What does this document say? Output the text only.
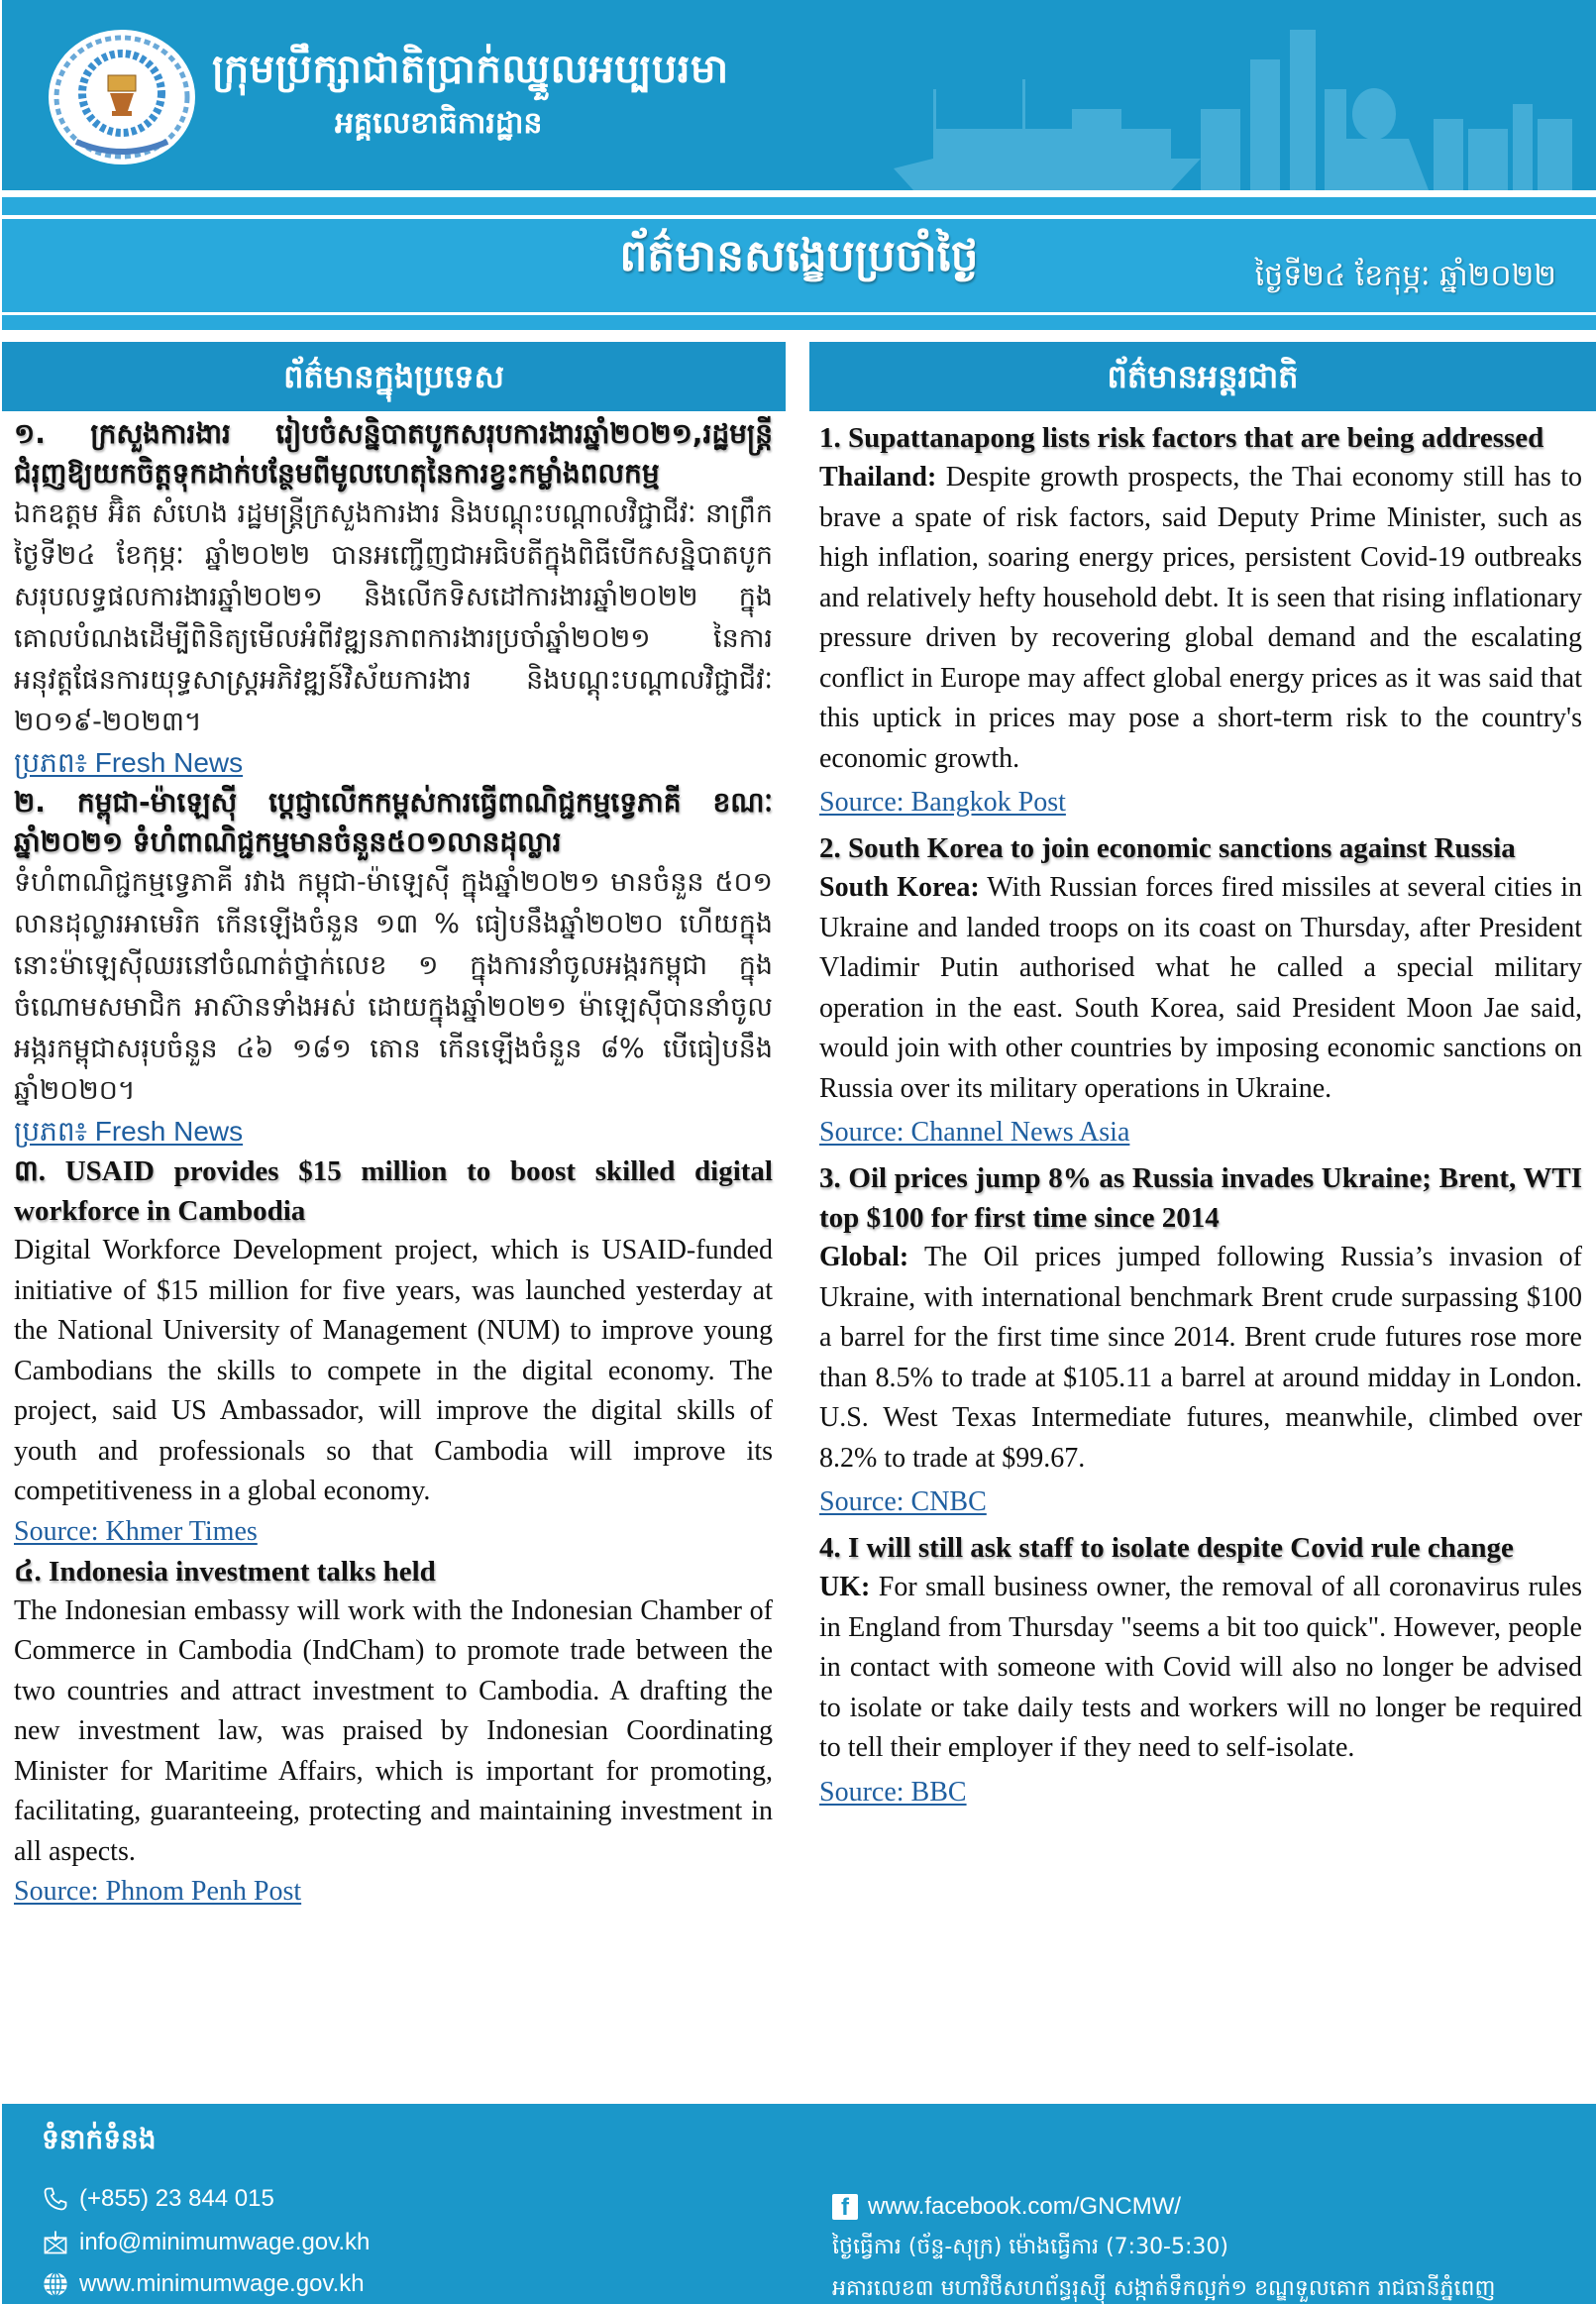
ក្រុមប្រឹក្សាជាតិប្រាក់ឈ្នួលអប្បបរមា
អគ្គលេខាធិការដ្ឋាន
ព័ត៌មានសង្ខេបប្រចាំថ្ងៃ	ថ្ងៃទី២៤ ខែកុម្ភៈ ឆ្នាំ២០២២
ព័ត៌មានក្នុងប្រទេស	ព័ត៌មានអន្តរជាតិ
១. ក្រសួងការងារ រៀបចំសន្និបាតបូកសរុបការងារឆ្នាំ២០២១,រដ្ឋមន្ត្រីជំរុញឱ្យយកចិត្តទុកដាក់បន្ថែមពីមូលហេតុនៃការខ្វះកម្លាំងពលកម្ម
ឯកឧត្តម អ៊ិត សំហេង រដ្ឋមន្ត្រីក្រសួងការងារ និងបណ្តុះបណ្តាលវិជ្ជាជីវៈ នាព្រឹកថ្ងៃទី២៤ ខែកុម្ភៈ ឆ្នាំ២០២២ បានអញ្ជើញជាអធិបតីក្នុងពិធីបើកសន្និបាតបូកសរុបលទ្ធផលការងារឆ្នាំ២០២១ និងលើកទិសដៅការងារឆ្នាំ២០២២ ក្នុងគោលបំណងដើម្បីពិនិត្យមើលអំពីវឌ្ឍនភាពការងារប្រចាំឆ្នាំ២០២១ នៃការអនុវត្តផែនការយុទ្ធសាស្ត្រអភិវឌ្ឍន៍វិស័យការងារ និងបណ្តុះបណ្តាលវិជ្ជាជីវៈ ២០១៩-២០២៣។
ប្រភព៖ Fresh News
២. កម្ពុជា-ម៉ាឡេស៊ី ប្តេជ្ញាលើកកម្ពស់ការធ្វើពាណិជ្ជកម្មទ្វេភាគី ខណៈឆ្នាំ២០២១ ទំហំពាណិជ្ជកម្មមានចំនួន៥០១លានដុល្លារ
ទំហំពាណិជ្ជកម្មទ្វេភាគី រវាង កម្ពុជា-ម៉ាឡេស៊ី ក្នុងឆ្នាំ២០២១ មានចំនួន ៥០១ លានដុល្លារអាមេរិក កើនឡើងចំនួន ១៣ % ធៀបនឹងឆ្នាំ២០២០ ហើយក្នុងនោះម៉ាឡេស៊ីឈរនៅចំណាត់ថ្នាក់លេខ ១ ក្នុងការនាំចូលអង្ករកម្ពុជា ក្នុងចំណោមសមាជិក អាស៊ានទាំងអស់ ដោយក្នុងឆ្នាំ២០២១ ម៉ាឡេស៊ីបាននាំចូលអង្ករកម្ពុជាសរុបចំនួន ៤៦ ១៨១ តោន កើនឡើងចំនួន ៨% បើធៀបនឹងឆ្នាំ២០២០។
ប្រភព៖ Fresh News
៣. USAID provides $15 million to boost skilled digital workforce in Cambodia
Digital Workforce Development project, which is USAID-funded initiative of $15 million for five years, was launched yesterday at the National University of Management (NUM) to improve young Cambodians the skills to compete in the digital economy. The project, said US Ambassador, will improve the digital skills of youth and professionals so that Cambodia will improve its competitiveness in a global economy.
Source: Khmer Times
៤. Indonesia investment talks held
The Indonesian embassy will work with the Indonesian Chamber of Commerce in Cambodia (IndCham) to promote trade between the two countries and attract investment to Cambodia. A drafting the new investment law, was praised by Indonesian Coordinating Minister for Maritime Affairs, which is important for promoting, facilitating, guaranteeing, protecting and maintaining investment in all aspects.
Source: Phnom Penh Post
1. Supattanapong lists risk factors that are being addressed
Thailand: Despite growth prospects, the Thai economy still has to brave a spate of risk factors, said Deputy Prime Minister, such as high inflation, soaring energy prices, persistent Covid-19 outbreaks and relatively hefty household debt. It is seen that rising inflationary pressure driven by recovering global demand and the escalating conflict in Europe may affect global energy prices as it was said that this uptick in prices may pose a short-term risk to the country's economic growth.
Source: Bangkok Post
2. South Korea to join economic sanctions against Russia
South Korea: With Russian forces fired missiles at several cities in Ukraine and landed troops on its coast on Thursday, after President Vladimir Putin authorised what he called a special military operation in the east. South Korea, said President Moon Jae said, would join with other countries by imposing economic sanctions on Russia over its military operations in Ukraine.
Source: Channel News Asia
3. Oil prices jump 8% as Russia invades Ukraine; Brent, WTI top $100 for first time since 2014
Global: The Oil prices jumped following Russia’s invasion of Ukraine, with international benchmark Brent crude surpassing $100 a barrel for the first time since 2014. Brent crude futures rose more than 8.5% to trade at $105.11 a barrel at around midday in London. U.S. West Texas Intermediate futures, meanwhile, climbed over 8.2% to trade at $99.67.
Source: CNBC
4. I will still ask staff to isolate despite Covid rule change
UK: For small business owner, the removal of all coronavirus rules in England from Thursday "seems a bit too quick". However, people in contact with someone with Covid will also no longer be advised to isolate or take daily tests and workers will no longer be required to tell their employer if they need to self-isolate.
Source: BBC
ទំនាក់ទំនង
(+855) 23 844 015
info@minimumwage.gov.kh
www.minimumwage.gov.kh
f www.facebook.com/GNCMW/
ថ្ងៃធ្វើការ (ច័ន្ទ-សុក្រ) ម៉ោងធ្វើការ (7:30-5:30)
អគារលេខ៣ មហាវិថីសហព័ន្ធរុស្ស៊ី សង្កាត់ទឹកល្អក់១ ខណ្ឌទួលគោក រាជធានីភ្នំពេញ
